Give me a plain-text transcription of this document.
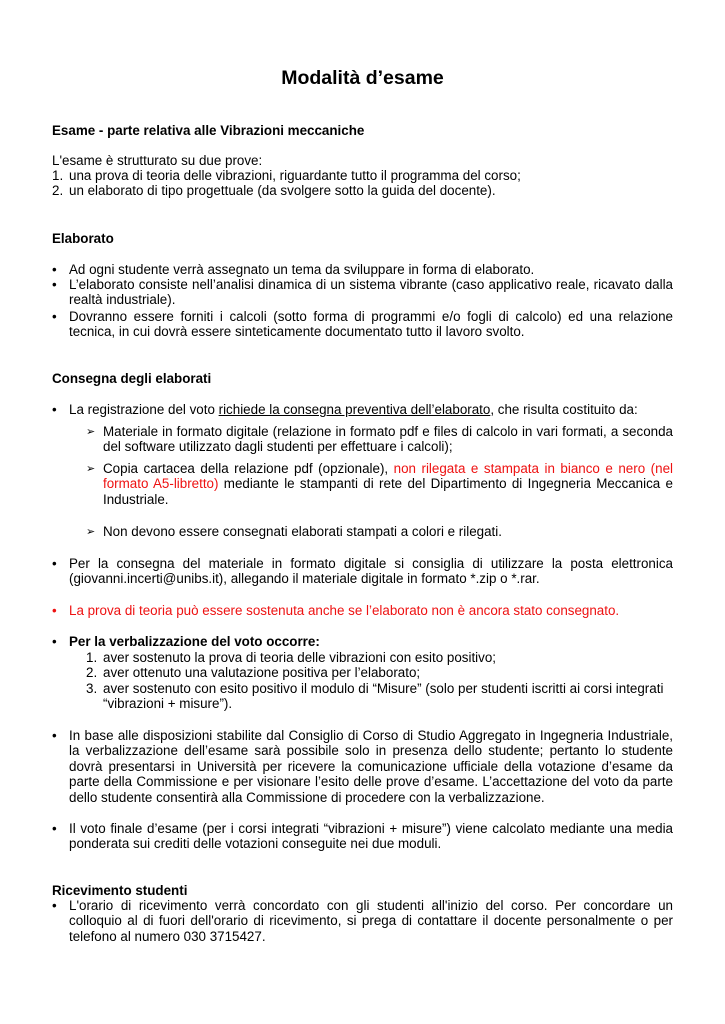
Modalità d’esame
Esame - parte relativa alle Vibrazioni meccaniche
L'esame è strutturato su due prove:
1. una prova di teoria delle vibrazioni, riguardante tutto il programma del corso;
2. un elaborato di tipo progettuale (da svolgere sotto la guida del docente).
Elaborato
• Ad ogni studente verrà assegnato un tema da sviluppare in forma di elaborato.
• L’elaborato consiste nell’analisi dinamica di un sistema vibrante (caso applicativo reale, ricavato dalla
realtà industriale).
• Dovranno essere forniti i calcoli (sotto forma di programmi e/o fogli di calcolo) ed una relazione
tecnica, in cui dovrà essere sinteticamente documentato tutto il lavoro svolto.
Consegna degli elaborati
• La registrazione del voto richiede la consegna preventiva dell’elaborato, che risulta costituito da:
➢ Materiale in formato digitale (relazione in formato pdf e files di calcolo in vari formati, a seconda
del software utilizzato dagli studenti per effettuare i calcoli);
➢ Copia cartacea della relazione pdf (opzionale), non rilegata e stampata in bianco e nero (nel
formato A5-libretto) mediante le stampanti di rete del Dipartimento di Ingegneria Meccanica e
Industriale.
➢ Non devono essere consegnati elaborati stampati a colori e rilegati.
• Per la consegna del materiale in formato digitale si consiglia di utilizzare la posta elettronica
(giovanni.incerti@unibs.it), allegando il materiale digitale in formato *.zip o *.rar.
• La prova di teoria può essere sostenuta anche se l’elaborato non è ancora stato consegnato.
• Per la verbalizzazione del voto occorre:
1. aver sostenuto la prova di teoria delle vibrazioni con esito positivo;
2. aver ottenuto una valutazione positiva per l’elaborato;
3. aver sostenuto con esito positivo il modulo di “Misure” (solo per studenti iscritti ai corsi integrati
“vibrazioni + misure”).
• In base alle disposizioni stabilite dal Consiglio di Corso di Studio Aggregato in Ingegneria Industriale,
la verbalizzazione dell’esame sarà possibile solo in presenza dello studente; pertanto lo studente
dovrà presentarsi in Università per ricevere la comunicazione ufficiale della votazione d’esame da
parte della Commissione e per visionare l’esito delle prove d’esame. L’accettazione del voto da parte
dello studente consentirà alla Commissione di procedere con la verbalizzazione.
• Il voto finale d’esame (per i corsi integrati “vibrazioni + misure”) viene calcolato mediante una media
ponderata sui crediti delle votazioni conseguite nei due moduli.
Ricevimento studenti
• L'orario di ricevimento verrà concordato con gli studenti all'inizio del corso. Per concordare un
colloquio al di fuori dell'orario di ricevimento, si prega di contattare il docente personalmente o per
telefono al numero 030 3715427.
